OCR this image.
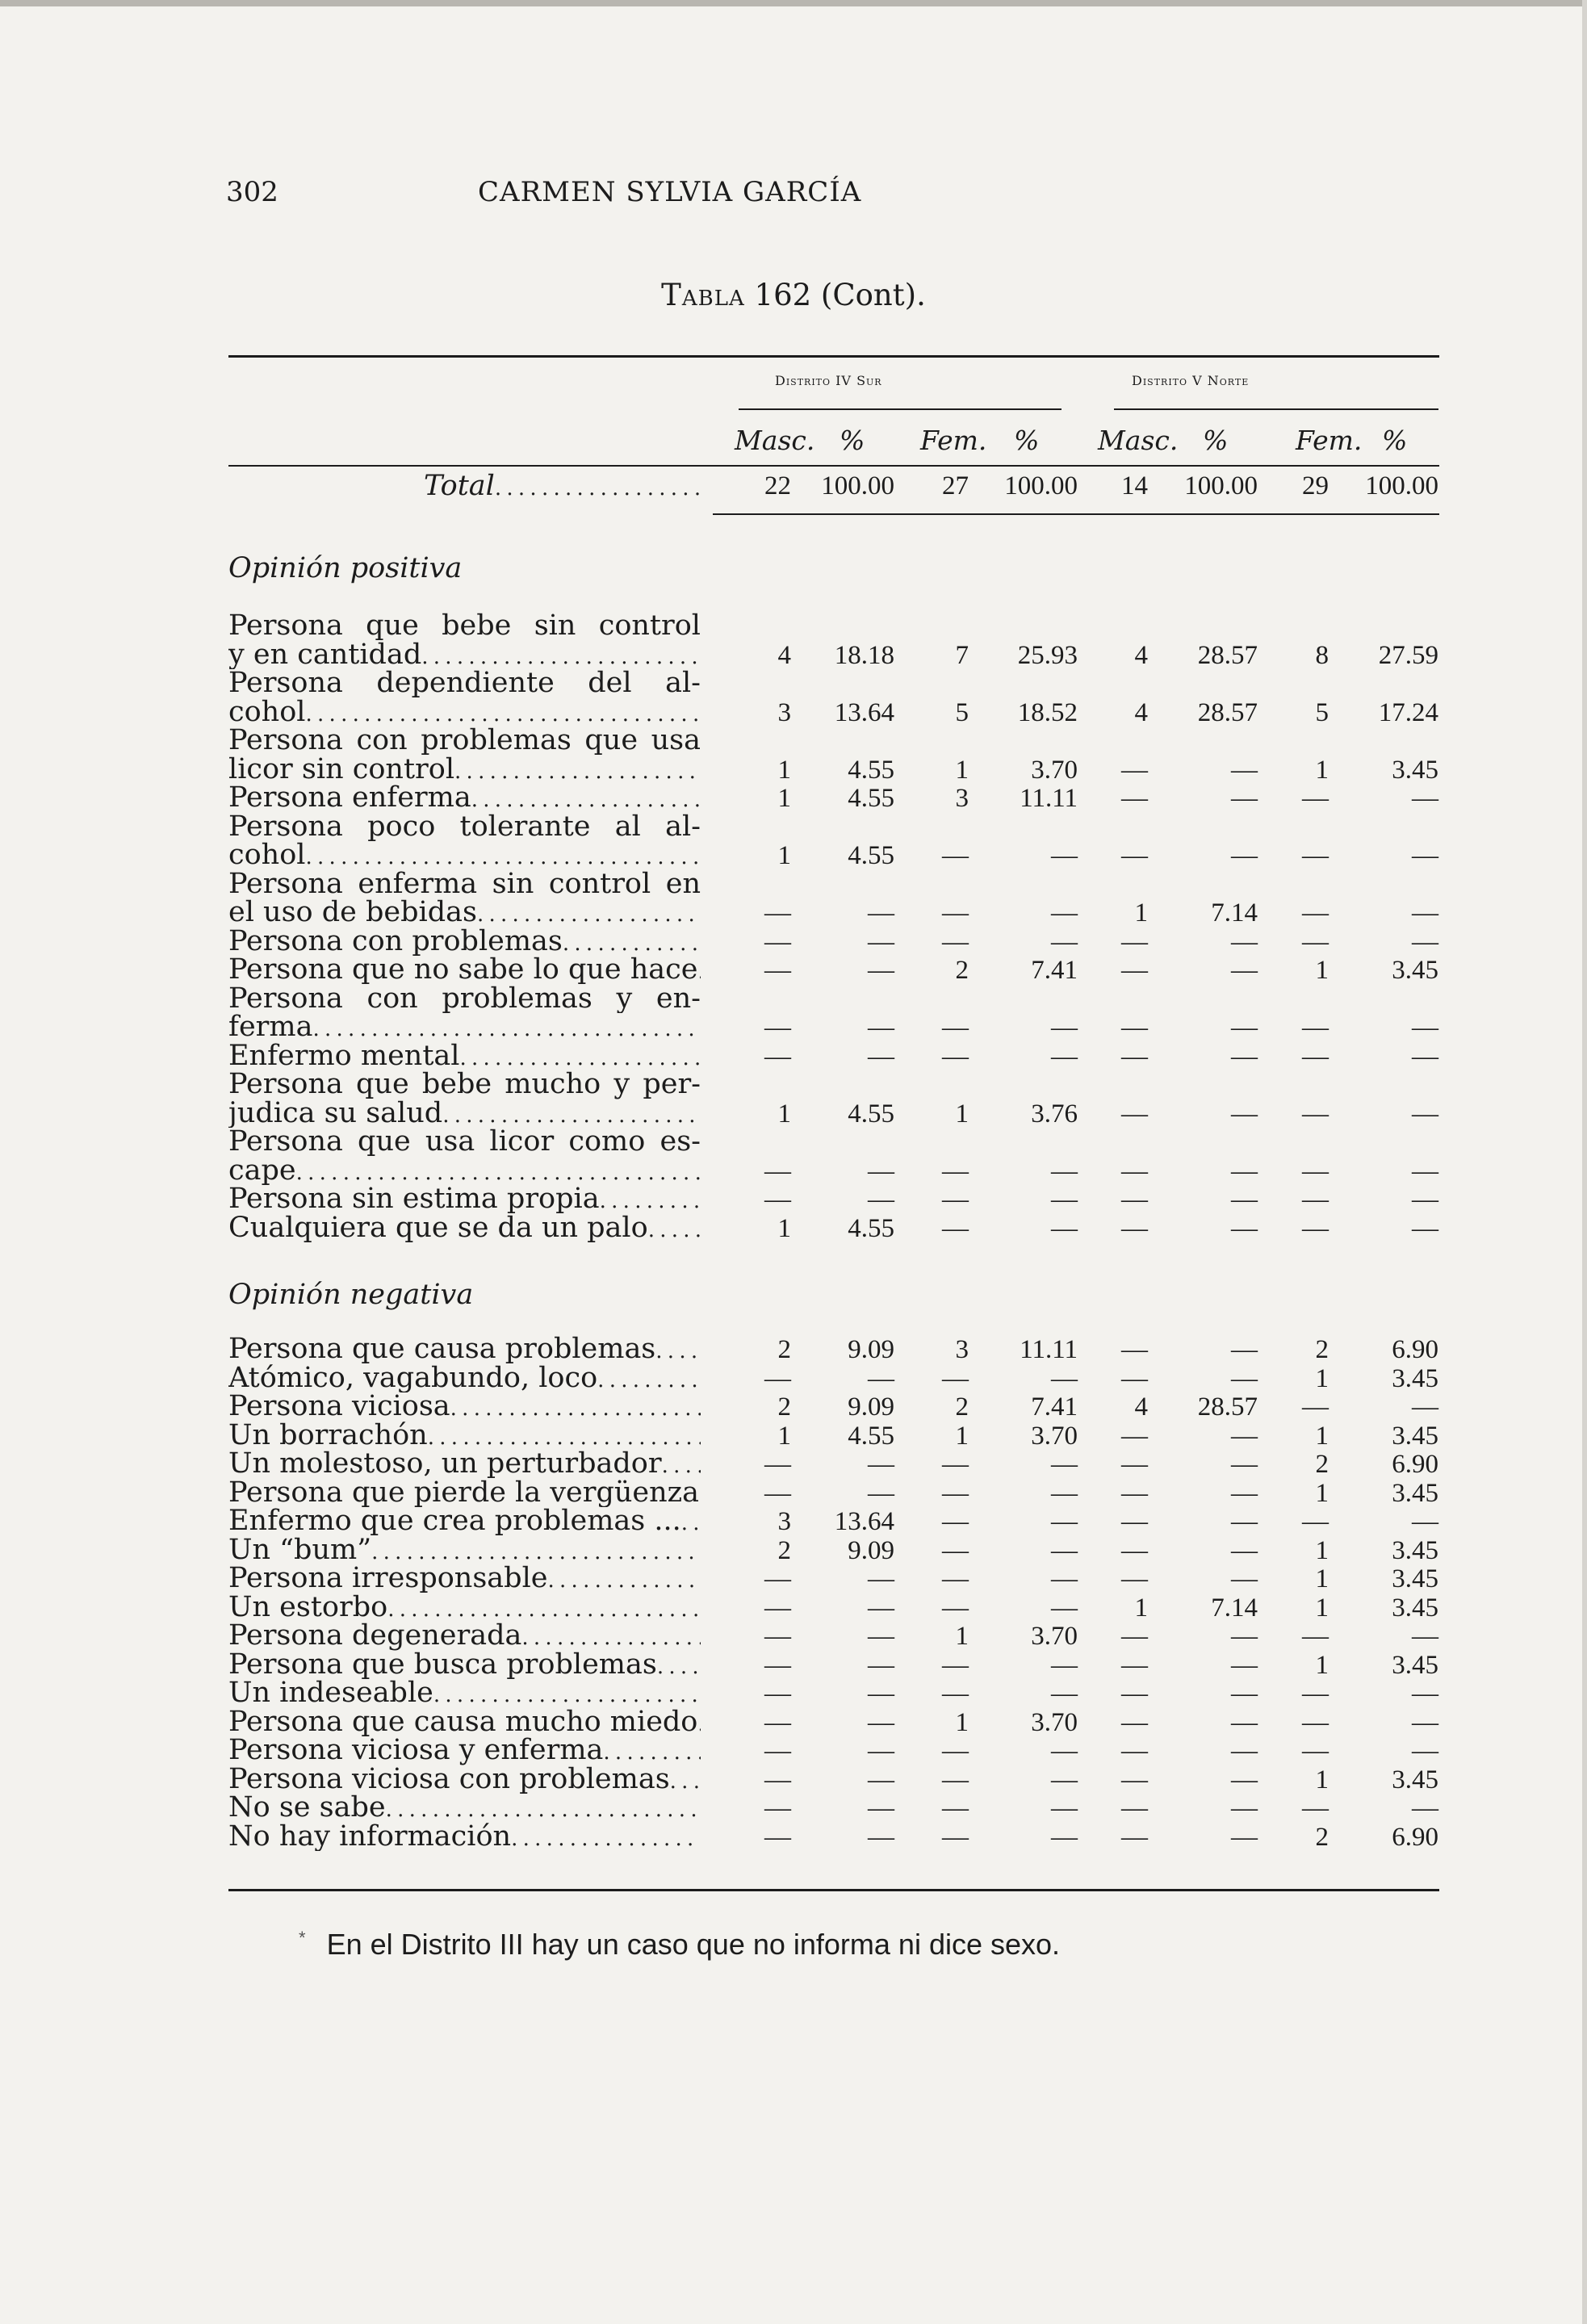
302	CARMEN SYLVIA GARCÍA
Tabla 162 (Cont).
Distrito IV Sur	Distrito V Norte
Masc. % Fem. % Masc. %	Fem. %
Total . . .	22	100.00	27	100.00 14	100.00	29	100.00
Opinión positiva
Opinión negativa
Persona que bebe sin control
y en cantidad . . .	4	18.18	7	25.93	4	28.57	8	27.59
Persona dependiente del al-
cohol . . .	3	13.64	5	18.52	4	28.57	5	17.24
Persona con problemas que usa
licor sin control . . .	1	4.55	1	3.70 —	—	1	3.45
Persona enferma . . .	1	4.55	3	11.11 —	—	—	—
Persona poco tolerante al al-
cohol . . .	1	4.55	—	— —	—	—	—
Persona enferma sin control en
el uso de bebidas . . .	—	—	—	—	1	7.14	—	—
Persona con problemas . . .	—	—	—	— —	—	—	—
Persona que no sabe lo que hace . . .	—	—	2	7.41 —	—	1	3.45
Persona con problemas y en-
ferma . . .	—	—	—	— —	—	—	—
Enfermo mental . . .	—	—	—	— —	—	—	—
Persona que bebe mucho y per-
judica su salud . . .	1	4.55	1	3.76 —	—	—	—
Persona que usa licor como es-
cape . . .	—	—	—	— —	—	—	—
Persona sin estima propia . . .	—	—	—	— —	—	—	—
Cualquiera que se da un palo . . .	1	4.55	—	— —	—	—	—
Persona que causa problemas . . .	2	9.09	3	11.11 —	—	2	6.90
Atómico, vagabundo, loco . . .	—	—	—	— —	—	1	3.45
Persona viciosa . . .	2	9.09	2	7.41	4	28.57	—	—
Un borrachón . . .	1	4.55	1	3.70 —	—	1	3.45
Un molestoso, un perturbador . . .	—	—	—	— —	—	2	6.90
Persona que pierde la vergüenza . . . —	—	—	— —	—	1	3.45
Enfermo que crea problemas ... . . .	3	13.64	—	— —	—	—	—
Un “bum” . . .	2	9.09	—	— —	—	1	3.45
Persona irresponsable . . .	—	—	—	— —	—	1	3.45
Un estorbo . . .	—	—	—	—	1	7.14	1	3.45
Persona degenerada . . .	—	—	1	3.70 —	—	—	—
Persona que busca problemas . . .	—	—	—	— —	—	1	3.45
Un indeseable . . .	—	—	—	— —	—	—	—
Persona que causa mucho miedo . . .	—	—	1	3.70 —	—	—	—
Persona viciosa y enferma . . .	—	—	—	— —	—	—	—
Persona viciosa con problemas . . .	—	—	—	— —	—	1	3.45
No se sabe . . .	—	—	—	— —	—	—	—
No hay información . . .	—	—	—	— —	—	2	6.90
* En el Distrito III hay un caso que no informa ni dice sexo.
